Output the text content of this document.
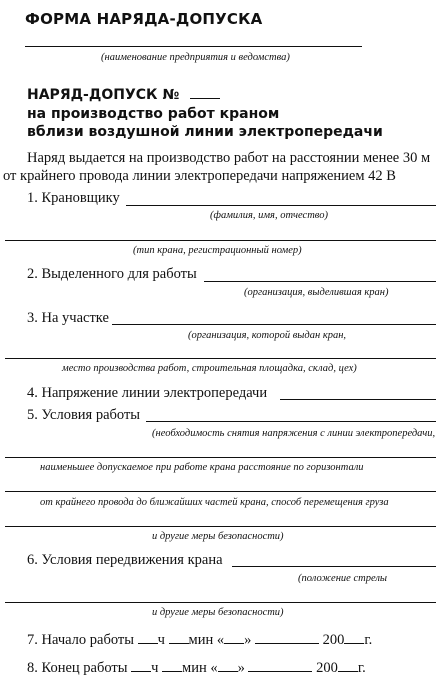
ФОРМА НАРЯДА-ДОПУСКА
(наименование предприятия и ведомства)
НАРЯД-ДОПУСК №
на производство работ краном
вблизи воздушной линии электропередачи
Наряд выдается на производство работ на расстоянии менее 30 м
от крайнего провода линии электропередачи напряжением 42 В
1. Крановщику
(фамилия, имя, отчество)
(тип крана, регистрационный номер)
2. Выделенного для работы
(организация, выделившая кран)
3. На участке
(организация, которой выдан кран,
место производства работ, строительная площадка, склад, цех)
4. Напряжение линии электропередачи
5. Условия работы
(необходимость снятия напряжения с линии электропередачи,
наименьшее допускаемое при работе крана расстояние по горизонтали
от крайнего провода до ближайших частей крана, способ перемещения груза
и другие меры безопасности)
6. Условия передвижения крана
(положение стрелы
и другие меры безопасности)
7. Начало работы ч мин « »	200 г.
8. Конец работы ч мин « »	200 г.
